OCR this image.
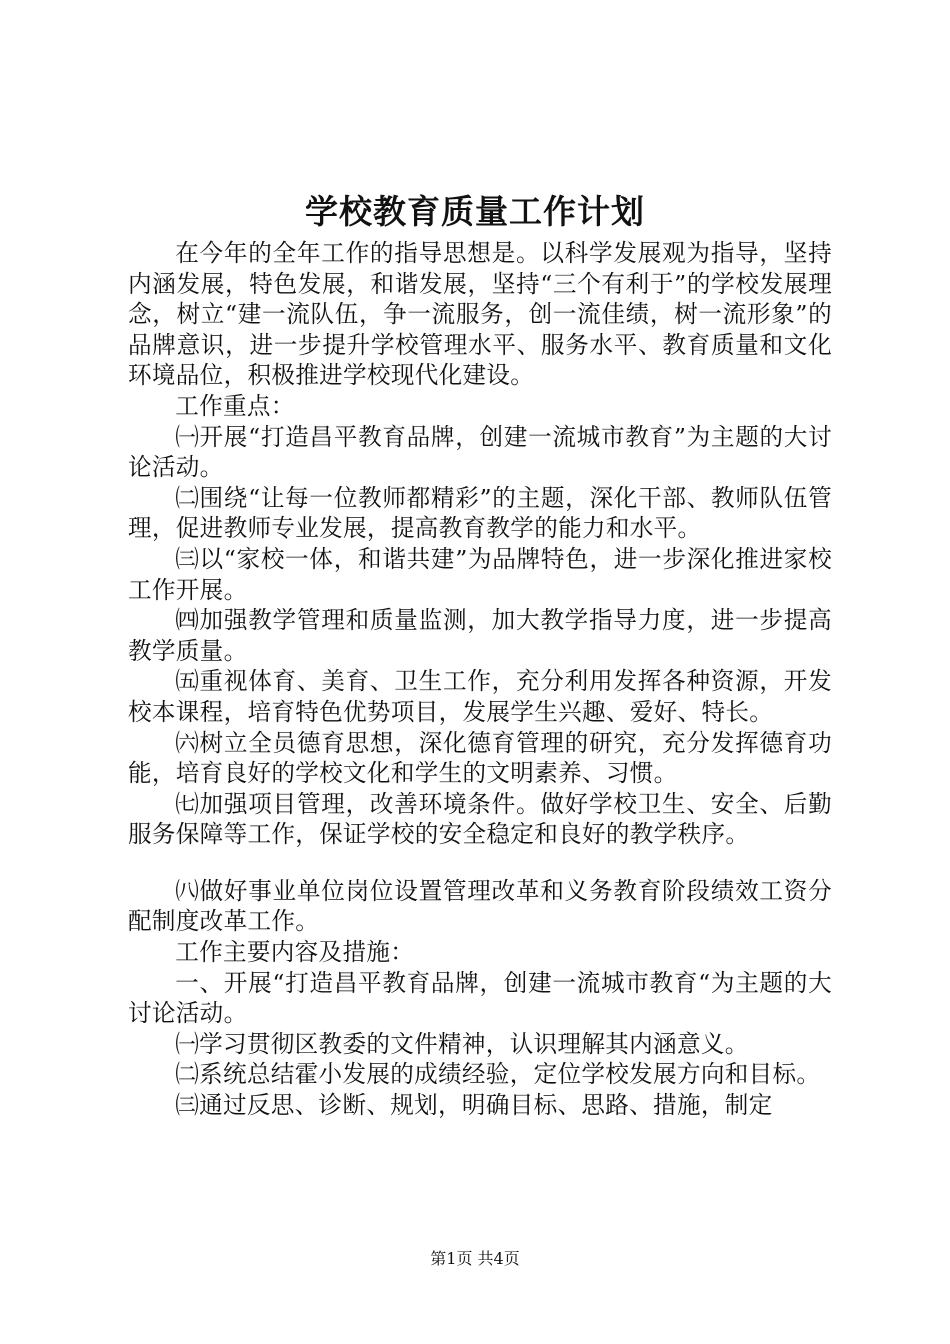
学校教育质量工作计划

在今年的全年工作的指导思想是。以科学发展观为指导，坚持内涵发展，特色发展，和谐发展，坚持“三个有利于”的学校发展理念，树立“建一流队伍，争一流服务，创一流佳绩，树一流形象”的品牌意识，进一步提升学校管理水平、服务水平、教育质量和文化环境品位，积极推进学校现代化建设。

工作重点：

㈠开展“打造昌平教育品牌，创建一流城市教育”为主题的大讨论活动。

㈡围绕“让每一位教师都精彩”的主题，深化干部、教师队伍管理，促进教师专业发展，提高教育教学的能力和水平。

㈢以“家校一体，和谐共建”为品牌特色，进一步深化推进家校工作开展。

㈣加强教学管理和质量监测，加大教学指导力度，进一步提高教学质量。

㈤重视体育、美育、卫生工作，充分利用发挥各种资源，开发校本课程，培育特色优势项目，发展学生兴趣、爱好、特长。

㈥树立全员德育思想，深化德育管理的研究，充分发挥德育功能，培育良好的学校文化和学生的文明素养、习惯。

㈦加强项目管理，改善环境条件。做好学校卫生、安全、后勤服务保障等工作，保证学校的安全稳定和良好的教学秩序。

㈧做好事业单位岗位设置管理改革和义务教育阶段绩效工资分配制度改革工作。

工作主要内容及措施：

一、开展“打造昌平教育品牌，创建一流城市教育“为主题的大讨论活动。

㈠学习贯彻区教委的文件精神，认识理解其内涵意义。

㈡系统总结霍小发展的成绩经验，定位学校发展方向和目标。

㈢通过反思、诊断、规划，明确目标、思路、措施，制定

第1页 共4页
